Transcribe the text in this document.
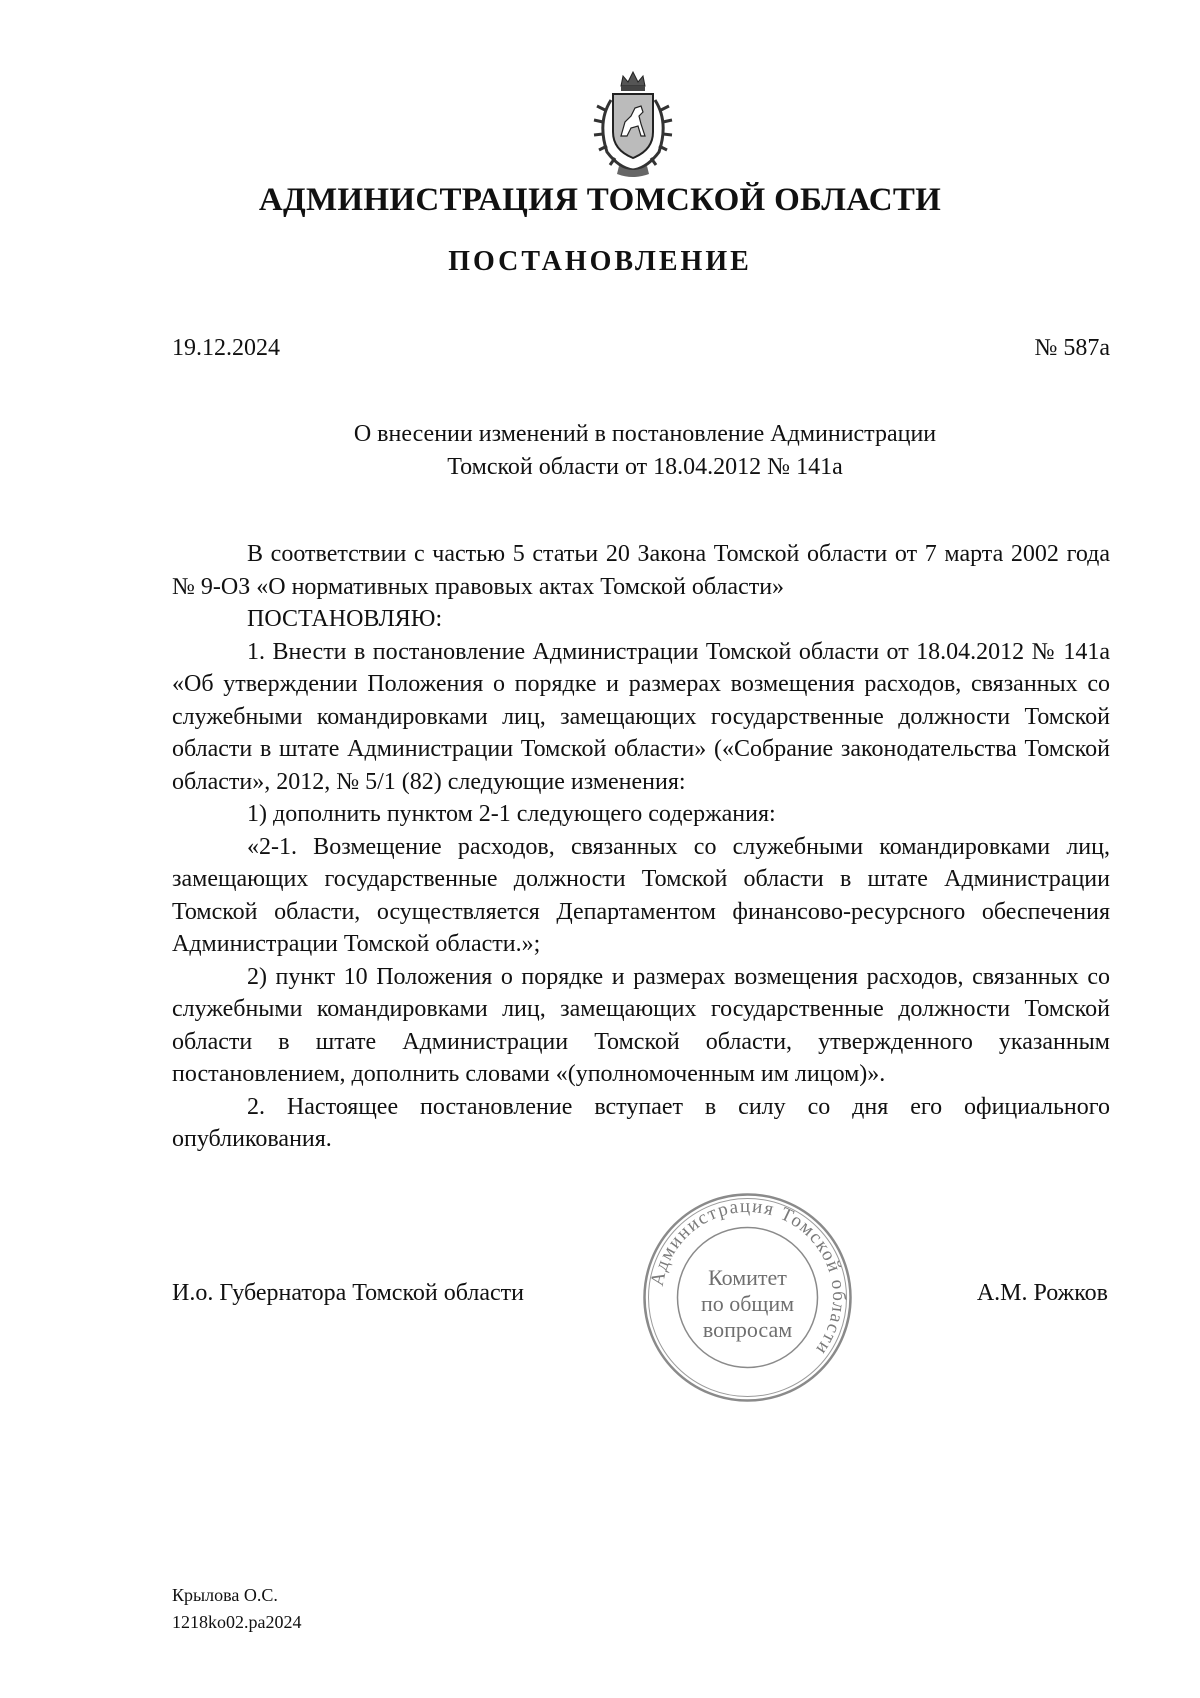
АДМИНИСТРАЦИЯ ТОМСКОЙ ОБЛАСТИ
ПОСТАНОВЛЕНИЕ
19.12.2024	№ 587а
О внесении изменений в постановление Администрации
Томской области от 18.04.2012 № 141а

В соответствии с частью 5 статьи 20 Закона Томской области от 7 марта 2002 года № 9-ОЗ «О нормативных правовых актах Томской области»

ПОСТАНОВЛЯЮ:

1. Внести в постановление Администрации Томской области от 18.04.2012 № 141а «Об утверждении Положения о порядке и размерах возмещения расходов, связанных со служебными командировками лиц, замещающих государственные должности Томской области в штате Администрации Томской области» («Собрание законодательства Томской области», 2012, № 5/1 (82) следующие изменения:

1) дополнить пунктом 2-1 следующего содержания:

«2-1. Возмещение расходов, связанных со служебными командировками лиц, замещающих государственные должности Томской области в штате Администрации Томской области, осуществляется Департаментом финансово-ресурсного обеспечения Администрации Томской области.»;

2) пункт 10 Положения о порядке и размерах возмещения расходов, связанных со служебными командировками лиц, замещающих государственные должности Томской области в штате Администрации Томской области, утвержденного указанным постановлением, дополнить словами «(уполномоченным им лицом)».

2. Настоящее постановление вступает в силу со дня его официального опубликования.

И.о. Губернатора Томской области	А.М. Рожков
Администрация Томской области
Комитет
по общим
вопросам
Крылова О.С.
1218ko02.pa2024
